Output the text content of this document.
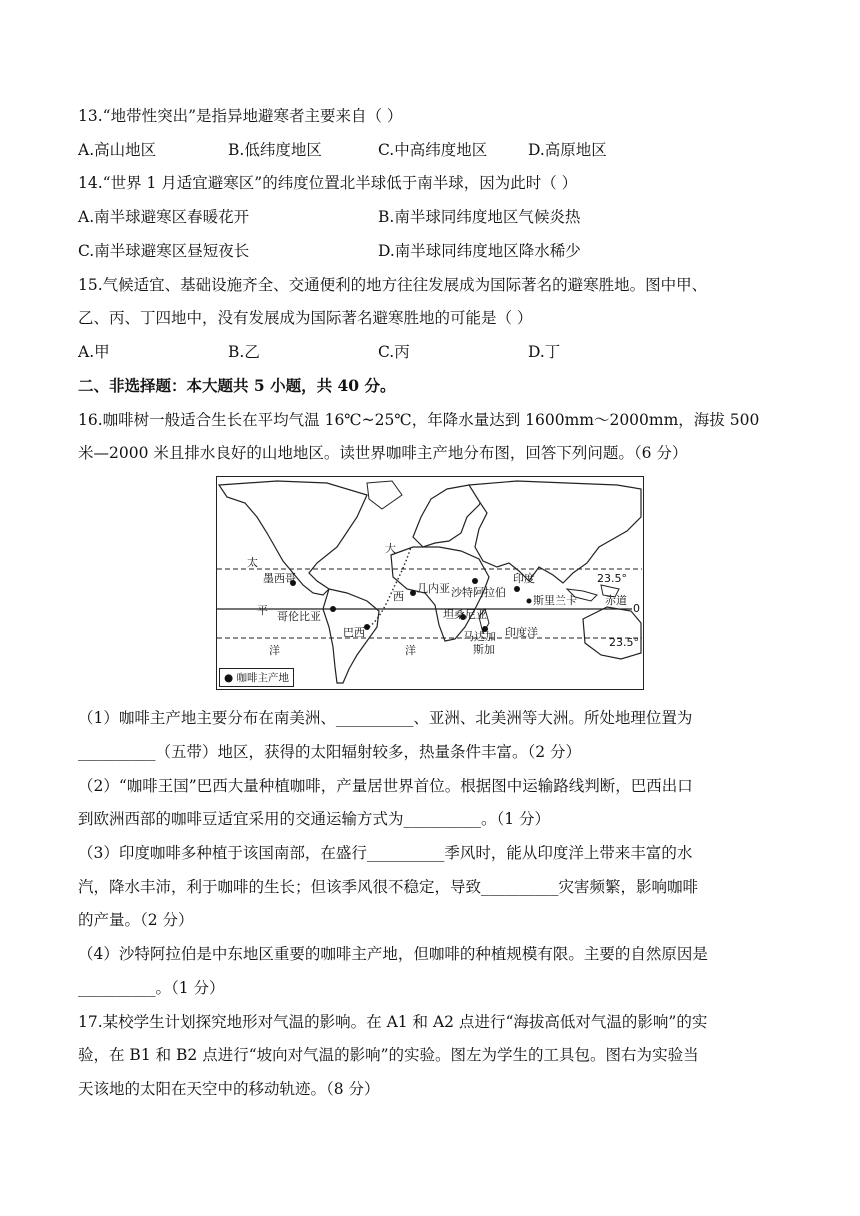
13.“地带性突出”是指异地避寒者主要来自（ ）
A.高山地区	B.低纬度地区	C.中高纬度地区	D.高原地区
14.“世界 1 月适宜避寒区”的纬度位置北半球低于南半球，因为此时（ ）
A.南半球避寒区春暖花开	B.南半球同纬度地区气候炎热
C.南半球避寒区昼短夜长	D.南半球同纬度地区降水稀少
15.气候适宜、基础设施齐全、交通便利的地方往往发展成为国际著名的避寒胜地。图中甲、
乙、丙、丁四地中，没有发展成为国际著名避寒胜地的可能是（ ）
A.甲	B.乙	C.丙	D.丁
二、非选择题：本大题共 5 小题，共 40 分。
16.咖啡树一般适合生长在平均气温 16℃~25℃，年降水量达到 1600mm～2000mm，海拔 500
米—2000 米且排水良好的山地地区。读世界咖啡主产地分布图，回答下列问题。（6 分）
太
平
洋
大
西
洋
墨西哥
哥伦比亚
巴西
几内亚 沙特阿拉伯
印度
斯里兰卡
坦桑尼亚
马达加
斯加
印度洋
赤道
23.5°
23.5°
0
● 咖啡主产地
（1）咖啡主产地主要分布在南美洲、__________、亚洲、北美洲等大洲。所处地理位置为
__________（五带）地区，获得的太阳辐射较多，热量条件丰富。（2 分）
（2）“咖啡王国”巴西大量种植咖啡，产量居世界首位。根据图中运输路线判断，巴西出口
到欧洲西部的咖啡豆适宜采用的交通运输方式为__________。（1 分）
（3）印度咖啡多种植于该国南部，在盛行__________季风时，能从印度洋上带来丰富的水
汽，降水丰沛，利于咖啡的生长；但该季风很不稳定，导致__________灾害频繁，影响咖啡
的产量。（2 分）
（4）沙特阿拉伯是中东地区重要的咖啡主产地，但咖啡的种植规模有限。主要的自然原因是
__________。（1 分）
17.某校学生计划探究地形对气温的影响。在 A1 和 A2 点进行“海拔高低对气温的影响”的实
验，在 B1 和 B2 点进行“坡向对气温的影响”的实验。图左为学生的工具包。图右为实验当
天该地的太阳在天空中的移动轨迹。（8 分）
